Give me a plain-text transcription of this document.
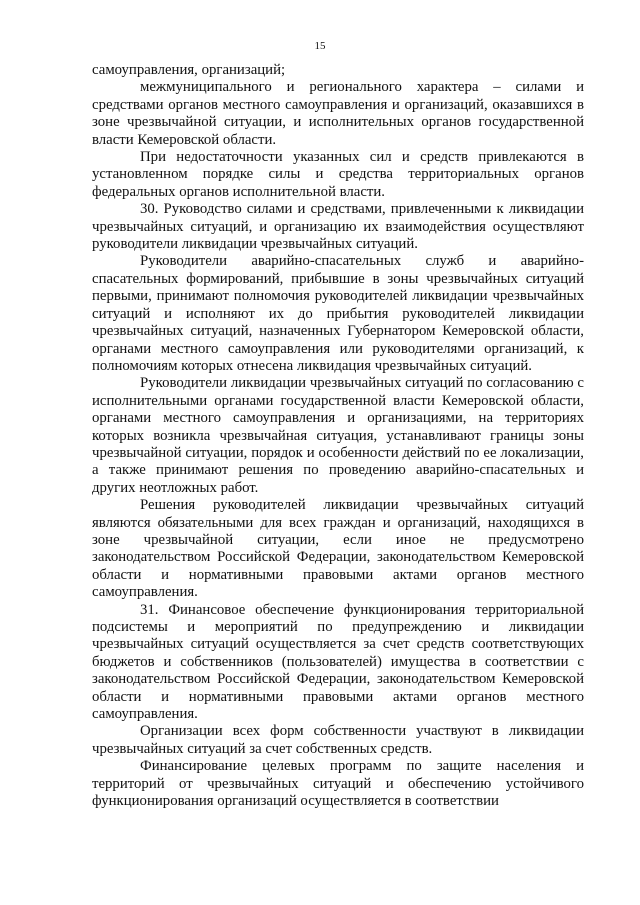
15

самоуправления, организаций;

межмуниципального и регионального характера – силами и средствами органов местного самоуправления и организаций, оказавшихся в зоне чрезвычайной ситуации, и исполнительных органов государственной власти Кемеровской области.

При недостаточности указанных сил и средств привлекаются в установленном порядке силы и средства территориальных органов федеральных органов исполнительной власти.

30. Руководство силами и средствами, привлеченными к ликвидации чрезвычайных ситуаций, и организацию их взаимодействия осуществляют руководители ликвидации чрезвычайных ситуаций.

Руководители аварийно-спасательных служб и аварийно-спасательных формирований, прибывшие в зоны чрезвычайных ситуаций первыми, принимают полномочия руководителей ликвидации чрезвычайных ситуаций и исполняют их до прибытия руководителей ликвидации чрезвычайных ситуаций, назначенных Губернатором Кемеровской области, органами местного самоуправления или руководителями организаций, к полномочиям которых отнесена ликвидация чрезвычайных ситуаций.

Руководители ликвидации чрезвычайных ситуаций по согласованию с исполнительными органами государственной власти Кемеровской области, органами местного самоуправления и организациями, на территориях которых возникла чрезвычайная ситуация, устанавливают границы зоны чрезвычайной ситуации, порядок и особенности действий по ее локализации, а также принимают решения по проведению аварийно-спасательных и других неотложных работ.

Решения руководителей ликвидации чрезвычайных ситуаций являются обязательными для всех граждан и организаций, находящихся в зоне чрезвычайной ситуации, если иное не предусмотрено законодательством Российской Федерации, законодательством Кемеровской области и нормативными правовыми актами органов местного самоуправления.

31. Финансовое обеспечение функционирования территориальной подсистемы и мероприятий по предупреждению и ликвидации чрезвычайных ситуаций осуществляется за счет средств соответствующих бюджетов и собственников (пользователей) имущества в соответствии с законодательством Российской Федерации, законодательством Кемеровской области и нормативными правовыми актами органов местного самоуправления.

Организации всех форм собственности участвуют в ликвидации чрезвычайных ситуаций за счет собственных средств.

Финансирование целевых программ по защите населения и территорий от чрезвычайных ситуаций и обеспечению устойчивого функционирования организаций осуществляется в соответствии
